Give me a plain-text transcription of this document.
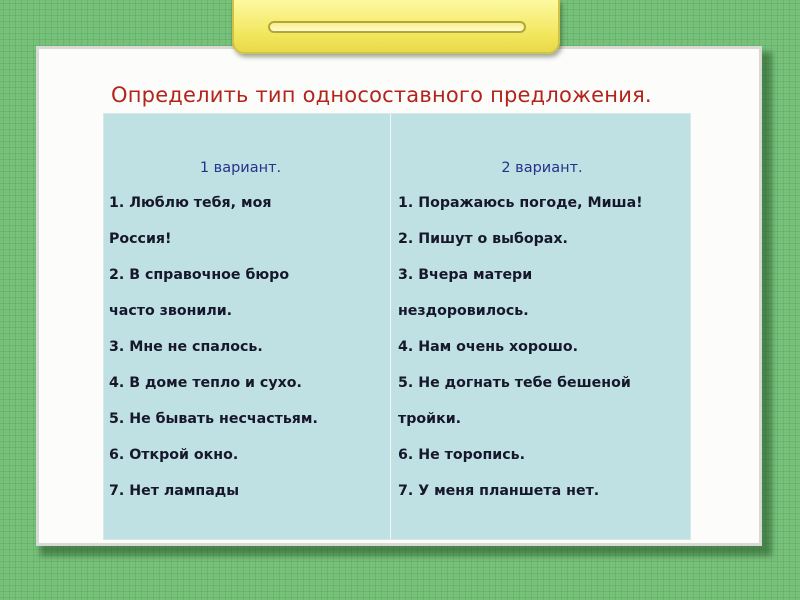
Определить тип односоставного предложения.
1 вариант.
1. Люблю тебя, моя
Россия!
2. В справочное бюро
часто звонили.
3. Мне не спалось.
4. В доме тепло и сухо.
5. Не бывать несчастьям.
6. Открой окно.
7. Нет лампады
2 вариант.
1. Поражаюсь погоде, Миша!
2. Пишут о выборах.
3. Вчера матери
нездоровилось.
4. Нам очень хорошо.
5. Не догнать тебе бешеной
тройки.
6. Не торопись.
7. У меня планшета нет.
